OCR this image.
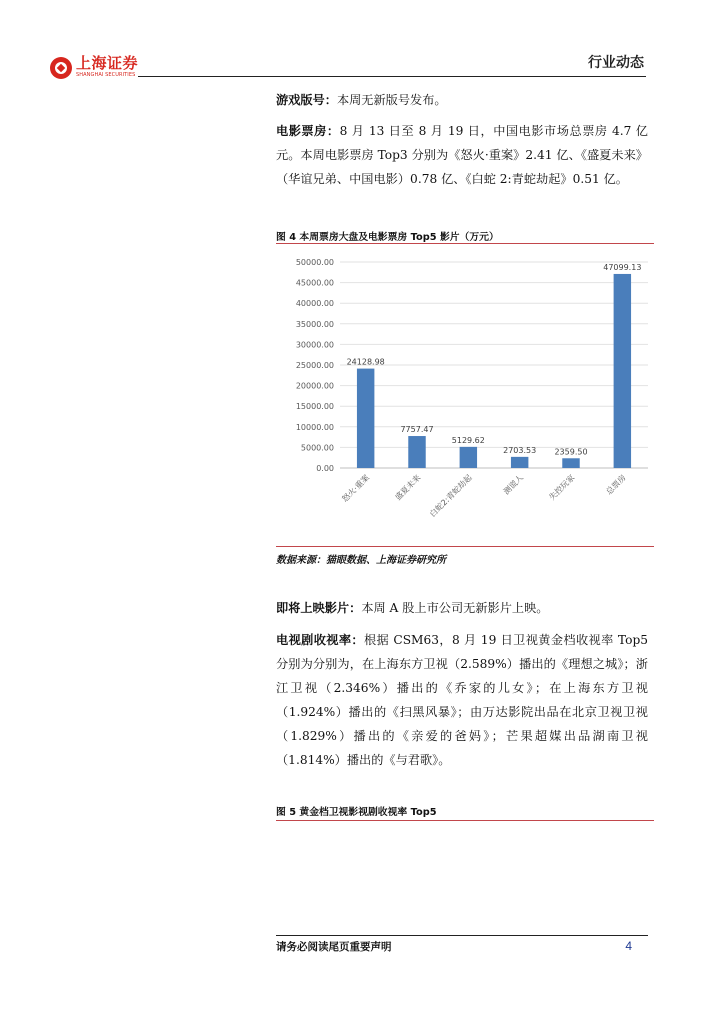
上海证券
SHANGHAI SECURITIES
行业动态
游戏版号：本周无新版号发布。
电影票房：8 月 13 日至 8 月 19 日，中国电影市场总票房 4.7 亿元。本周电影票房 Top3 分别为《怒火·重案》2.41 亿、《盛夏未来》（华谊兄弟、中国电影）0.78 亿、《白蛇 2:青蛇劫起》0.51 亿。
图 4 本周票房大盘及电影票房 Top5 影片（万元）
0.00
5000.00
10000.00
15000.00
20000.00
25000.00
30000.00
35000.00
40000.00
45000.00
50000.00
24128.98
怒火·重案
7757.47
盛夏未来
5129.62
白蛇2:青蛇劫起
2703.53
测谎人
2359.50
失控玩家
47099.13
总票房
数据来源：猫眼数据、上海证券研究所
即将上映影片：本周 A 股上市公司无新影片上映。
电视剧收视率：根据 CSM63，8 月 19 日卫视黄金档收视率 Top5 分别为分别为，在上海东方卫视（2.589%）播出的《理想之城》；浙江卫视（2.346%）播出的《乔家的儿女》；在上海东方卫视（1.924%）播出的《扫黑风暴》；由万达影院出品在北京卫视卫视（1.829%）播出的《亲爱的爸妈》；芒果超媒出品湖南卫视（1.814%）播出的《与君歌》。
图 5 黄金档卫视影视剧收视率 Top5
请务必阅读尾页重要声明	4
